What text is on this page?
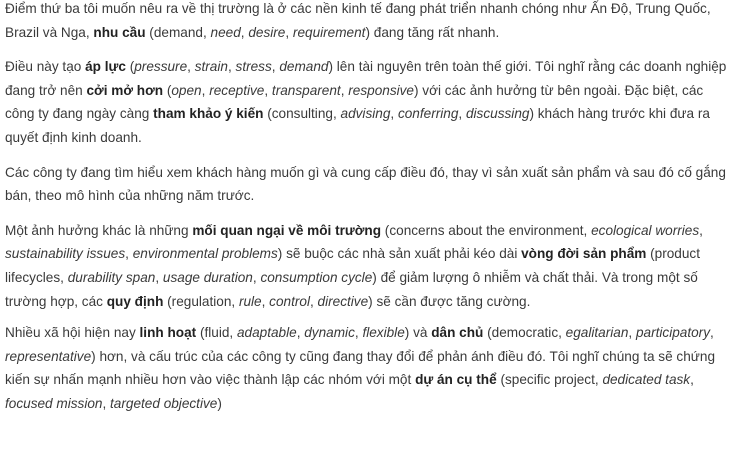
Điểm thứ ba tôi muốn nêu ra về thị trường là ở các nền kinh tế đang phát triển nhanh chóng như Ấn Độ, Trung Quốc, Brazil và Nga, nhu cầu (demand, need, desire, requirement) đang tăng rất nhanh.

Điều này tạo áp lực (pressure, strain, stress, demand) lên tài nguyên trên toàn thế giới. Tôi nghĩ rằng các doanh nghiệp đang trở nên cởi mở hơn (open, receptive, transparent, responsive) với các ảnh hưởng từ bên ngoài. Đặc biệt, các công ty đang ngày càng tham khảo ý kiến (consulting, advising, conferring, discussing) khách hàng trước khi đưa ra quyết định kinh doanh.

Các công ty đang tìm hiểu xem khách hàng muốn gì và cung cấp điều đó, thay vì sản xuất sản phẩm và sau đó cố gắng bán, theo mô hình của những năm trước.

Một ảnh hưởng khác là những mối quan ngại về môi trường (concerns about the environment, ecological worries, sustainability issues, environmental problems) sẽ buộc các nhà sản xuất phải kéo dài vòng đời sản phẩm (product lifecycles, durability span, usage duration, consumption cycle) để giảm lượng ô nhiễm và chất thải. Và trong một số trường hợp, các quy định (regulation, rule, control, directive) sẽ cần được tăng cường.

Nhiều xã hội hiện nay linh hoạt (fluid, adaptable, dynamic, flexible) và dân chủ (democratic, egalitarian, participatory, representative) hơn, và cấu trúc của các công ty cũng đang thay đổi để phản ánh điều đó. Tôi nghĩ chúng ta sẽ chứng kiến sự nhấn mạnh nhiều hơn vào việc thành lập các nhóm với một dự án cụ thể (specific project, dedicated task, focused mission, targeted objective)
